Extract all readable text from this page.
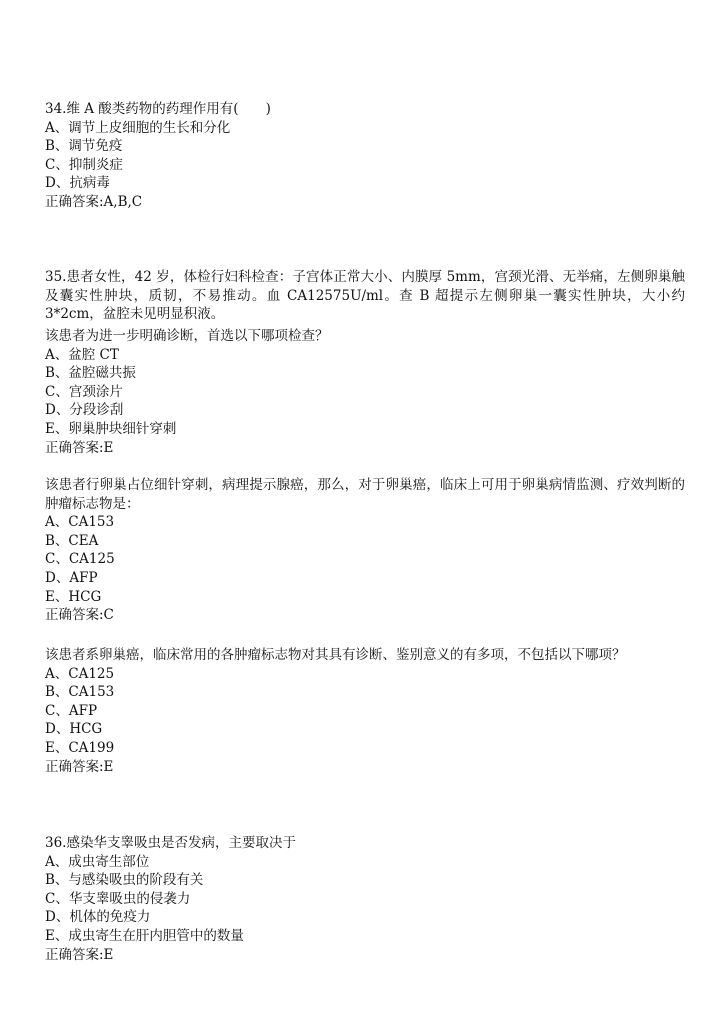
34.维 A 酸类药物的药理作用有(　　)
A、调节上皮细胞的生长和分化
B、调节免疫
C、抑制炎症
D、抗病毒
正确答案:A,B,C
35.患者女性，42 岁，体检行妇科检查：子宫体正常大小、内膜厚 5mm，宫颈光滑、无举痛，左侧卵巢触及囊实性肿块，质韧，不易推动。血 CA12575U/ml。查 B 超提示左侧卵巢一囊实性肿块，大小约 3*2cm，盆腔未见明显积液。
该患者为进一步明确诊断，首选以下哪项检查？
A、盆腔 CT
B、盆腔磁共振
C、宫颈涂片
D、分段诊刮
E、卵巢肿块细针穿刺
正确答案:E
该患者行卵巢占位细针穿刺，病理提示腺癌，那么，对于卵巢癌，临床上可用于卵巢病情监测、疗效判断的肿瘤标志物是：
A、CA153
B、CEA
C、CA125
D、AFP
E、HCG
正确答案:C
该患者系卵巢癌，临床常用的各肿瘤标志物对其具有诊断、鉴别意义的有多项，不包括以下哪项？
A、CA125
B、CA153
C、AFP
D、HCG
E、CA199
正确答案:E
36.感染华支睾吸虫是否发病，主要取决于
A、成虫寄生部位
B、与感染吸虫的阶段有关
C、华支睾吸虫的侵袭力
D、机体的免疫力
E、成虫寄生在肝内胆管中的数量
正确答案:E
